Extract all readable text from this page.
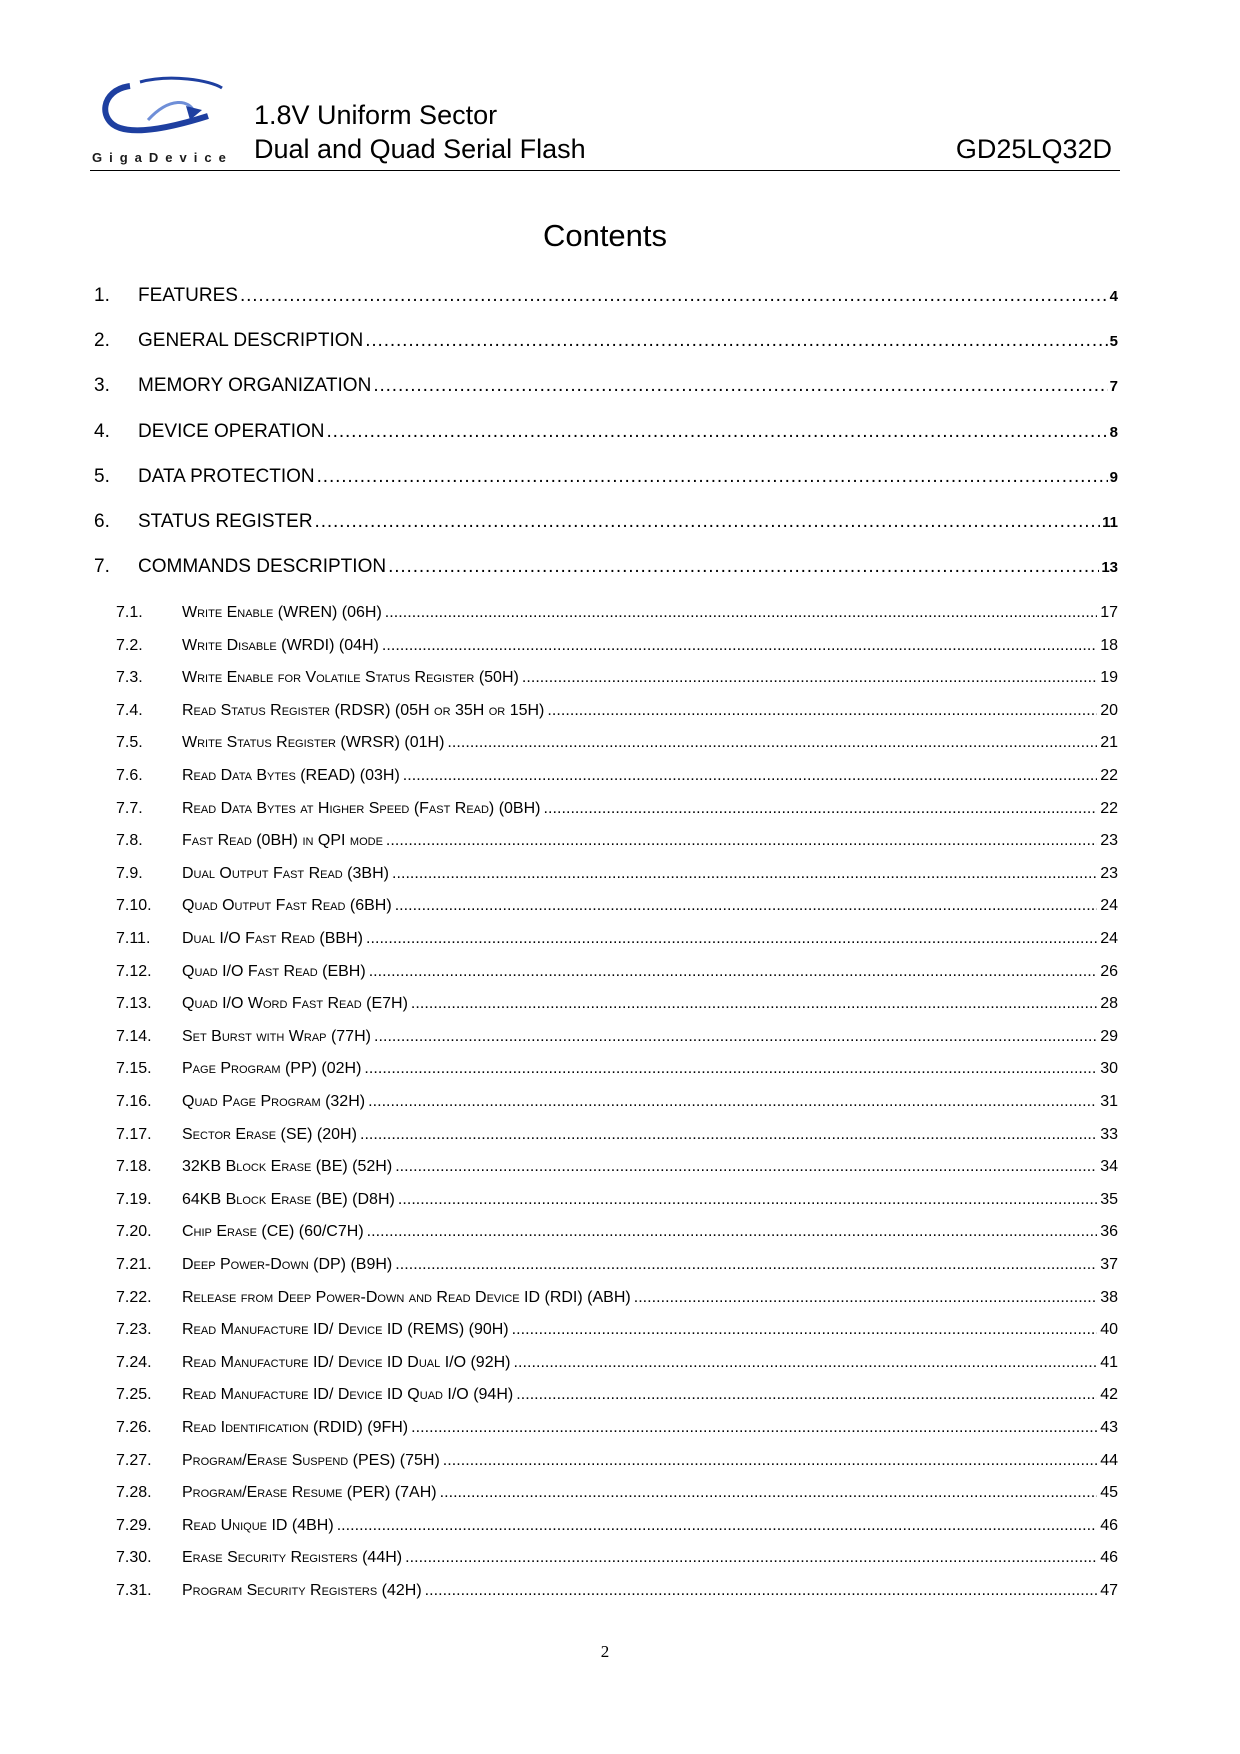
GigaDevice
1.8V Uniform Sector
Dual and Quad Serial Flash	GD25LQ32D
Contents
1.	FEATURES . . .	4
2.	GENERAL DESCRIPTION . . .	5
3.	MEMORY ORGANIZATION . . .	7
4.	DEVICE OPERATION . . .	8
5.	DATA PROTECTION . . .	9
6.	STATUS REGISTER . . .	11
7.	COMMANDS DESCRIPTION . . .	13
7.1.	Write Enable (WREN) (06H) . . .	17
7.2.	Write Disable (WRDI) (04H) . . .	18
7.3.	Write Enable for Volatile Status Register (50H) . . .	19
7.4.	Read Status Register (RDSR) (05H or 35H or 15H) . . .	20
7.5.	Write Status Register (WRSR) (01H) . . .	21
7.6.	Read Data Bytes (READ) (03H) . . .	22
7.7.	Read Data Bytes at Higher Speed (Fast Read) (0BH) . . .	22
7.8.	Fast Read (0BH) in QPI mode . . .	23
7.9.	Dual Output Fast Read (3BH) . . .	23
7.10.	Quad Output Fast Read (6BH) . . .	24
7.11.	Dual I/O Fast Read (BBH) . . .	24
7.12.	Quad I/O Fast Read (EBH) . . .	26
7.13.	Quad I/O Word Fast Read (E7H) . . .	28
7.14.	Set Burst with Wrap (77H) . . .	29
7.15.	Page Program (PP) (02H) . . .	30
7.16.	Quad Page Program (32H) . . .	31
7.17.	Sector Erase (SE) (20H) . . .	33
7.18.	32KB Block Erase (BE) (52H) . . .	34
7.19.	64KB Block Erase (BE) (D8H) . . .	35
7.20.	Chip Erase (CE) (60/C7H) . . .	36
7.21.	Deep Power-Down (DP) (B9H) . . .	37
7.22.	Release from Deep Power-Down and Read Device ID (RDI) (ABH) . . .	38
7.23.	Read Manufacture ID/ Device ID (REMS) (90H) . . .	40
7.24.	Read Manufacture ID/ Device ID Dual I/O (92H) . . .	41
7.25.	Read Manufacture ID/ Device ID Quad I/O (94H) . . .	42
7.26.	Read Identification (RDID) (9FH) . . .	43
7.27.	Program/Erase Suspend (PES) (75H) . . .	44
7.28.	Program/Erase Resume (PER) (7AH) . . .	45
7.29.	Read Unique ID (4BH) . . .	46
7.30.	Erase Security Registers (44H) . . .	46
7.31.	Program Security Registers (42H) . . .	47
2
